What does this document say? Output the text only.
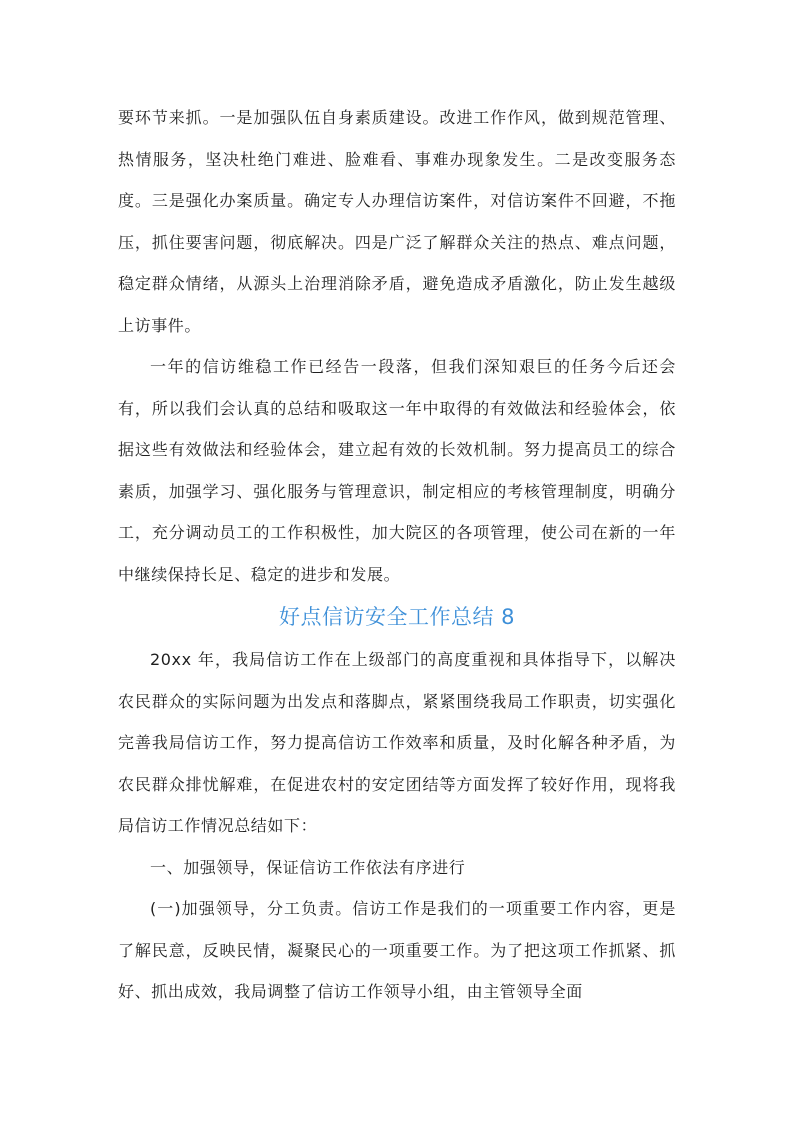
要环节来抓。一是加强队伍自身素质建设。改进工作作风，做到规范管理、热情服务，坚决杜绝门难进、脸难看、事难办现象发生。二是改变服务态度。三是强化办案质量。确定专人办理信访案件，对信访案件不回避，不拖压，抓住要害问题，彻底解决。四是广泛了解群众关注的热点、难点问题，稳定群众情绪，从源头上治理消除矛盾，避免造成矛盾激化，防止发生越级上访事件。

一年的信访维稳工作已经告一段落，但我们深知艰巨的任务今后还会有，所以我们会认真的总结和吸取这一年中取得的有效做法和经验体会，依据这些有效做法和经验体会，建立起有效的长效机制。努力提高员工的综合素质，加强学习、强化服务与管理意识，制定相应的考核管理制度，明确分工，充分调动员工的工作积极性，加大院区的各项管理，使公司在新的一年中继续保持长足、稳定的进步和发展。

好点信访安全工作总结 8

20xx 年，我局信访工作在上级部门的高度重视和具体指导下，以解决农民群众的实际问题为出发点和落脚点，紧紧围绕我局工作职责，切实强化完善我局信访工作，努力提高信访工作效率和质量，及时化解各种矛盾，为农民群众排忧解难，在促进农村的安定团结等方面发挥了较好作用，现将我局信访工作情况总结如下：

一、加强领导，保证信访工作依法有序进行

(一)加强领导，分工负责。信访工作是我们的一项重要工作内容，更是了解民意，反映民情，凝聚民心的一项重要工作。为了把这项工作抓紧、抓好、抓出成效，我局调整了信访工作领导小组，由主管领导全面
